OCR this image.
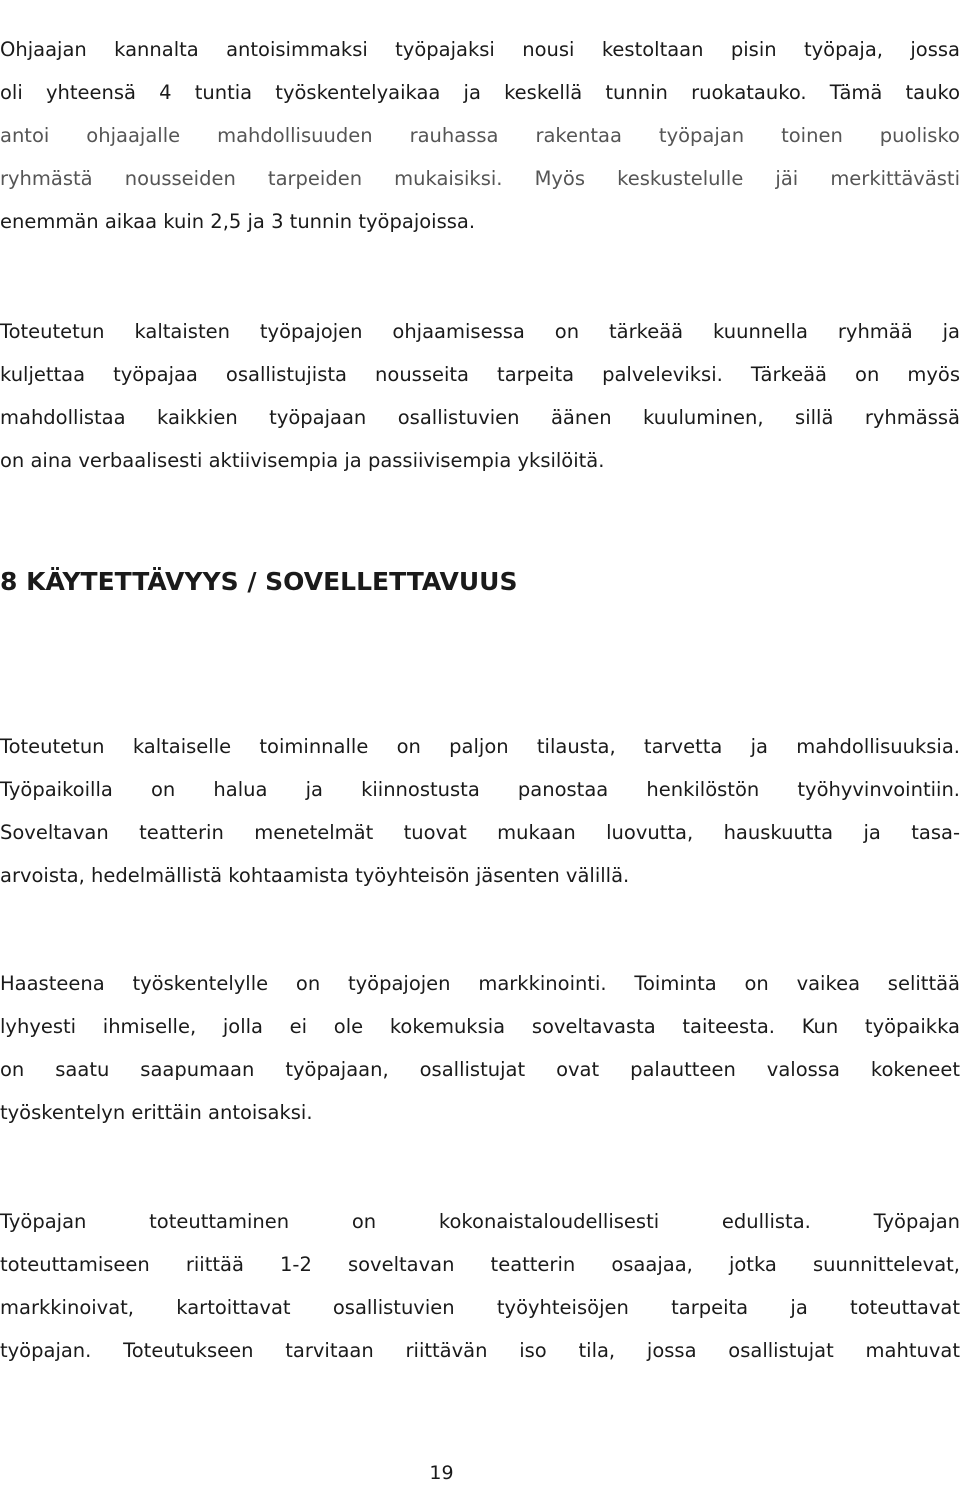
Ohjaajan kannalta antoisimmaksi työpajaksi nousi kestoltaan pisin työpaja, jossa

oli yhteensä 4 tuntia työskentelyaikaa ja keskellä tunnin ruokatauko. Tämä tauko

antoi ohjaajalle mahdollisuuden rauhassa rakentaa työpajan toinen puolisko

ryhmästä nousseiden tarpeiden mukaisiksi. Myös keskustelulle jäi merkittävästi

enemmän aikaa kuin 2,5 ja 3 tunnin työpajoissa.

Toteutetun kaltaisten työpajojen ohjaamisessa on tärkeää kuunnella ryhmää ja

kuljettaa työpajaa osallistujista nousseita tarpeita palveleviksi. Tärkeää on myös

mahdollistaa kaikkien työpajaan osallistuvien äänen kuuluminen, sillä ryhmässä

on aina verbaalisesti aktiivisempia ja passiivisempia yksilöitä.

8 KÄYTETTÄVYYS / SOVELLETTAVUUS

Toteutetun kaltaiselle toiminnalle on paljon tilausta, tarvetta ja mahdollisuuksia.

Työpaikoilla on halua ja kiinnostusta panostaa henkilöstön työhyvinvointiin.

Soveltavan teatterin menetelmät tuovat mukaan luovutta, hauskuutta ja tasa-

arvoista, hedelmällistä kohtaamista työyhteisön jäsenten välillä.

Haasteena työskentelylle on työpajojen markkinointi. Toiminta on vaikea selittää

lyhyesti ihmiselle, jolla ei ole kokemuksia soveltavasta taiteesta. Kun työpaikka

on saatu saapumaan työpajaan, osallistujat ovat palautteen valossa kokeneet

työskentelyn erittäin antoisaksi.

Työpajan toteuttaminen on kokonaistaloudellisesti edullista. Työpajan

toteuttamiseen riittää 1-2 soveltavan teatterin osaajaa, jotka suunnittelevat,

markkinoivat, kartoittavat osallistuvien työyhteisöjen tarpeita ja toteuttavat

työpajan. Toteutukseen tarvitaan riittävän iso tila, jossa osallistujat mahtuvat

19
